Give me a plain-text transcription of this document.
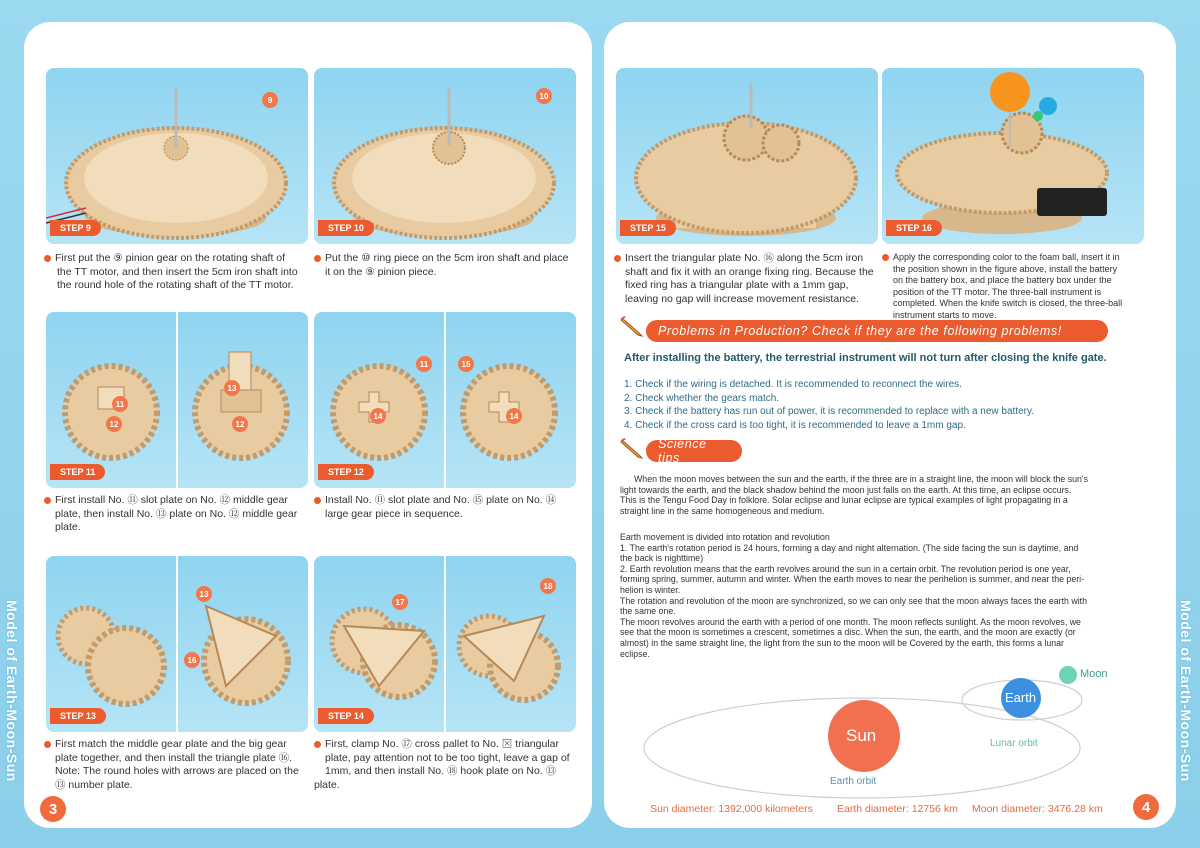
Model of Earth-Moon-Sun
3
9
STEP 9
First put the ⑨ pinion gear on the rotating shaft of
the TT motor, and then insert the 5cm iron shaft into
the round hole of the rotating shaft of the TT motor.
10
STEP 10
Put the ⑩ ring piece on the 5cm iron shaft and place
it on the ⑨ pinion piece.
11
12
13
12
STEP 11
First install No. ⑪ slot plate on No. ⑫ middle gear
plate, then install No. ⑬ plate on No. ⑫ middle gear
plate.
11
14
15
14
STEP 12
Install No. ⑪ slot plate and No. ⑮ plate on No. ⑭
large gear piece in sequence.
13
16
STEP 13
First match the middle gear plate and the big gear
plate together, and then install the triangle plate ⑯.
Note: The round holes with arrows are placed on the
⑬ number plate.
17
18
STEP 14
First, clamp No. ⑰ cross pallet to No. ⊠ triangular
plate, pay attention not to be too tight, leave a gap of
1mm, and then install No. ⑱ hook plate on No. ⑬ plate.
Model of Earth-Moon-Sun
4
STEP 15
Insert the triangular plate No. ⑯ along the 5cm iron
shaft and fix it with an orange fixing ring. Because the
fixed ring has a triangular plate with a 1mm gap,
leaving no gap will increase movement resistance.
STEP 16
Apply the corresponding color to the foam ball, insert it in
the position shown in the figure above, install the battery
on the battery box, and place the battery box under the
position of the TT motor. The three-ball instrument is
completed. When the knife switch is closed, the three-ball
instrument starts to move.
Problems in Production? Check if they are the following problems!
After installing the battery, the terrestrial instrument will not turn after closing the knife gate.
1. Check if the wiring is detached. It is recommended to reconnect the wires.
2. Check whether the gears match.
3. Check if the battery has run out of power, it is recommended to replace with a new battery.
4. Check if the cross card is too tight, it is recommended to leave a 1mm gap.
Science tips
When the moon moves between the sun and the earth, if the three are in a straight line, the moon will block the sun's
light towards the earth, and the black shadow behind the moon just falls on the earth. At this time, an eclipse occurs.
This is the Tengu Food Day in folklore. Solar eclipse and lunar eclipse are typical examples of light propagating in a
straight line in the same homogeneous and medium.
Earth movement is divided into rotation and revolution
1. The earth's rotation period is 24 hours, forming a day and night alternation. (The side facing the sun is daytime, and
the back is nighttime)
2. Earth revolution means that the earth revolves around the sun in a certain orbit. The revolution period is one year,
forming spring, summer, autumn and winter. When the earth moves to near the perihelion is summer, and near the peri-
helion is winter.
The rotation and revolution of the moon are synchronized, so we can only see that the moon always faces the earth with
the same one.
The moon revolves around the earth with a period of one month. The moon reflects sunlight. As the moon revolves, we
see that the moon is sometimes a crescent, sometimes a disc. When the sun, the earth, and the moon are exactly (or
almost) in the same straight line, the light from the sun to the moon will be Covered by the earth, this forms a lunar
eclipse.
Sun
Earth
Moon
Lunar orbit
Earth orbit
Sun diameter: 1392,000 kilometers Earth diameter: 12756 km Moon diameter: 3476.28 km
